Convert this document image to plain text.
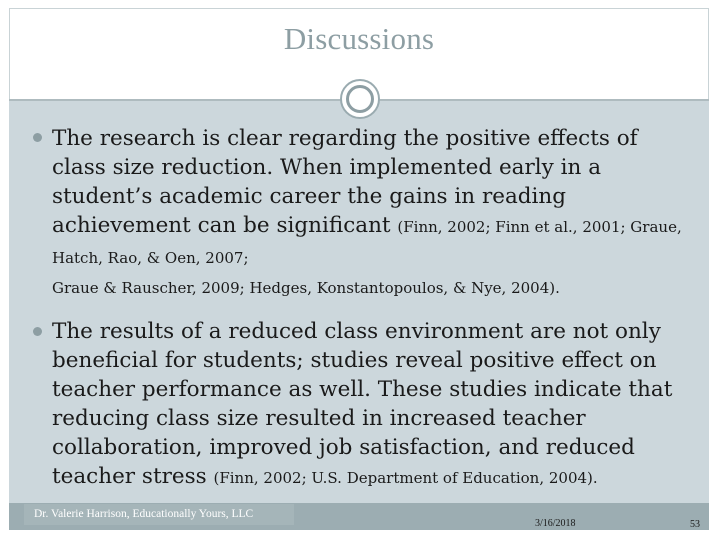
Discussions
The research is clear regarding the positive effects of class size reduction. When implemented early in a student’s academic career the gains in reading achievement can be significant (Finn, 2002; Finn et al., 2001; Graue, Hatch, Rao, & Oen, 2007;
Graue & Rauscher, 2009; Hedges, Konstantopoulos, & Nye, 2004).
The results of a reduced class environment are not only beneficial for students; studies reveal positive effect on teacher performance as well. These studies indicate that reducing class size resulted in increased teacher collaboration, improved job satisfaction, and reduced teacher stress (Finn, 2002; U.S. Department of Education, 2004).
Dr. Valerie Harrison, Educationally Yours, LLC
3/16/2018	53
